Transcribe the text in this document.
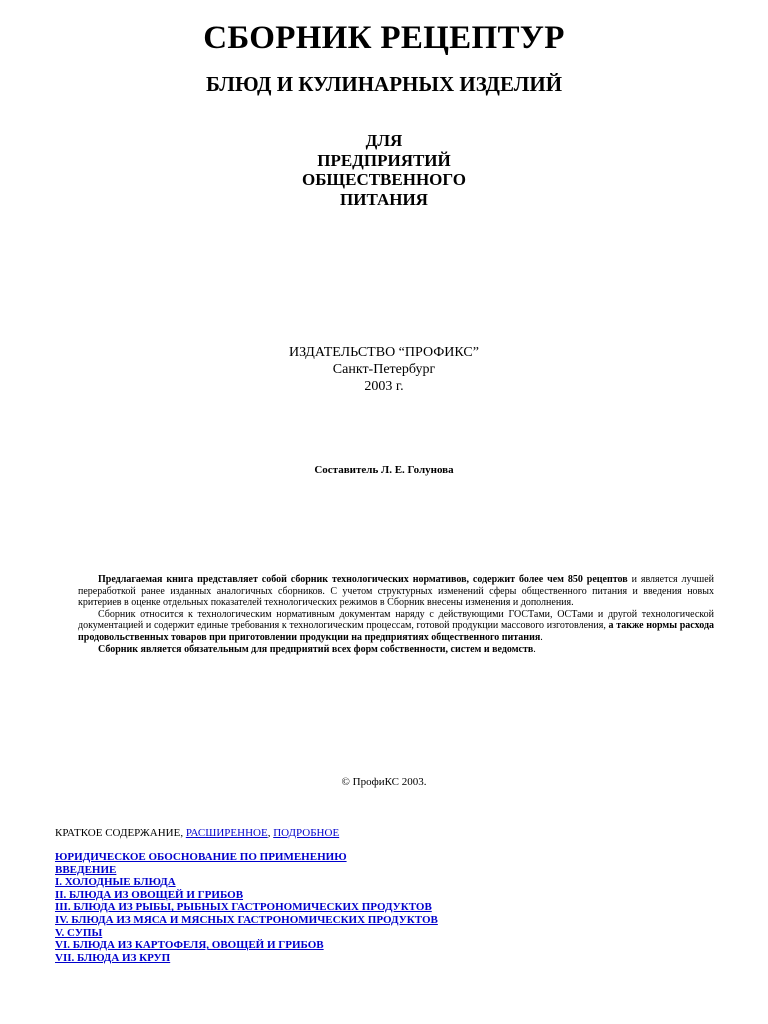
СБОРНИК РЕЦЕПТУР
БЛЮД И КУЛИНАРНЫХ ИЗДЕЛИЙ
ДЛЯ
ПРЕДПРИЯТИЙ
ОБЩЕСТВЕННОГО
ПИТАНИЯ
ИЗДАТЕЛЬСТВО “ПРОФИКС”
Санкт-Петербург
2003 г.
Составитель Л. Е. Голунова

Предлагаемая книга представляет собой сборник технологических нормативов, содержит более чем 850 рецептов и является лучшей переработкой ранее изданных аналогичных сборников. С учетом структурных изменений сферы общественного питания и введения новых критериев в оценке отдельных показателей технологических режимов в Сборник внесены изменения и дополнения.

Сборник относится к технологическим нормативным документам наряду с действующими ГОСТами, ОСТами и другой технологической документацией и содержит единые требования к технологическим процессам, готовой продукции массового изготовления, а также нормы расхода продовольственных товаров при приготовлении продукции на предприятиях общественного питания.

Сборник является обязательным для предприятий всех форм собственности, систем и ведомств.

© ПрофиКС 2003.
КРАТКОЕ СОДЕРЖАНИЕ, РАСШИРЕННОЕ, ПОДРОБНОЕ
ЮРИДИЧЕСКОЕ ОБОСНОВАНИЕ ПО ПРИМЕНЕНИЮ
ВВЕДЕНИЕ
I. ХОЛОДНЫЕ БЛЮДА
II. БЛЮДА ИЗ ОВОЩЕЙ И ГРИБОВ
III. БЛЮДА ИЗ РЫБЫ, РЫБНЫХ ГАСТРОНОМИЧЕСКИХ ПРОДУКТОВ
IV. БЛЮДА ИЗ МЯСА И МЯСНЫХ ГАСТРОНОМИЧЕСКИХ ПРОДУКТОВ
V. СУПЫ
VI. БЛЮДА ИЗ КАРТОФЕЛЯ, ОВОЩЕЙ И ГРИБОВ
VII. БЛЮДА ИЗ КРУП
